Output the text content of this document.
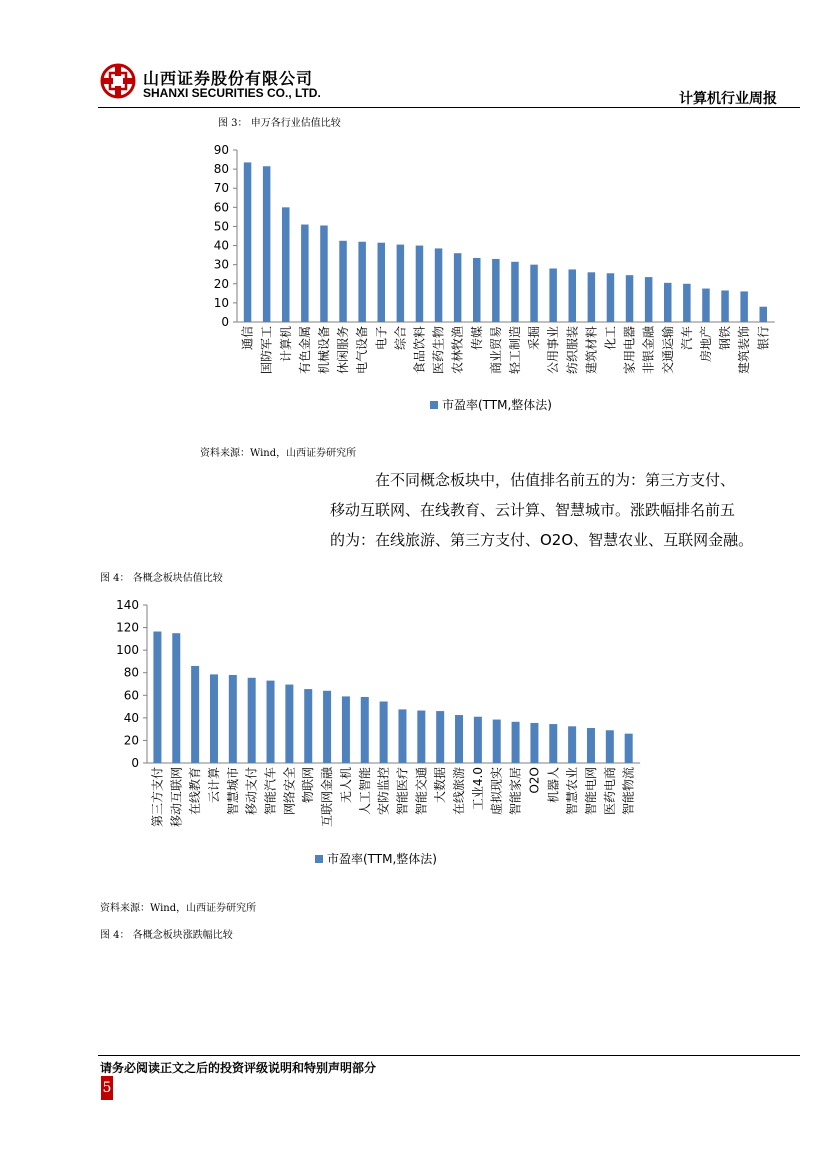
山西证券股份有限公司
SHANXI SECURITIES CO., LTD.	计算机行业周报
图 3： 申万各行业估值比较
0
10
20
30
40
50
60
70
80
90
通信 国防军工 计算机 有色金属 机械设备 休闲服务 电气设备 电子 综合 食品饮料 医药生物 农林牧渔 传媒 商业贸易 轻工制造 采掘 公用事业 纺织服装 建筑材料 化工 家用电器 非银金融 交通运输 汽车 房地产 钢铁 建筑装饰 银行
市盈率(TTM,整体法)
资料来源：Wind，山西证券研究所

在不同概念板块中，估值排名前五的为：第三方支付、

移动互联网、在线教育、云计算、智慧城市。涨跌幅排名前五

的为：在线旅游、第三方支付、O2O、智慧农业、互联网金融。

图 4： 各概念板块估值比较
0
20
40
60
80
100
120
140
第三方支付 移动互联网 在线教育 云计算 智慧城市 移动支付 智能汽车 网络安全 物联网 互联网金融 无人机 人工智能 安防监控 智能医疗 智能交通 大数据 在线旅游 工业4.0 虚拟现实 智能家居 O2O 机器人 智慧农业 智能电网 医药电商 智能物流
市盈率(TTM,整体法)
资料来源：Wind，山西证券研究所
图 4： 各概念板块涨跌幅比较
请务必阅读正文之后的投资评级说明和特别声明部分
5
